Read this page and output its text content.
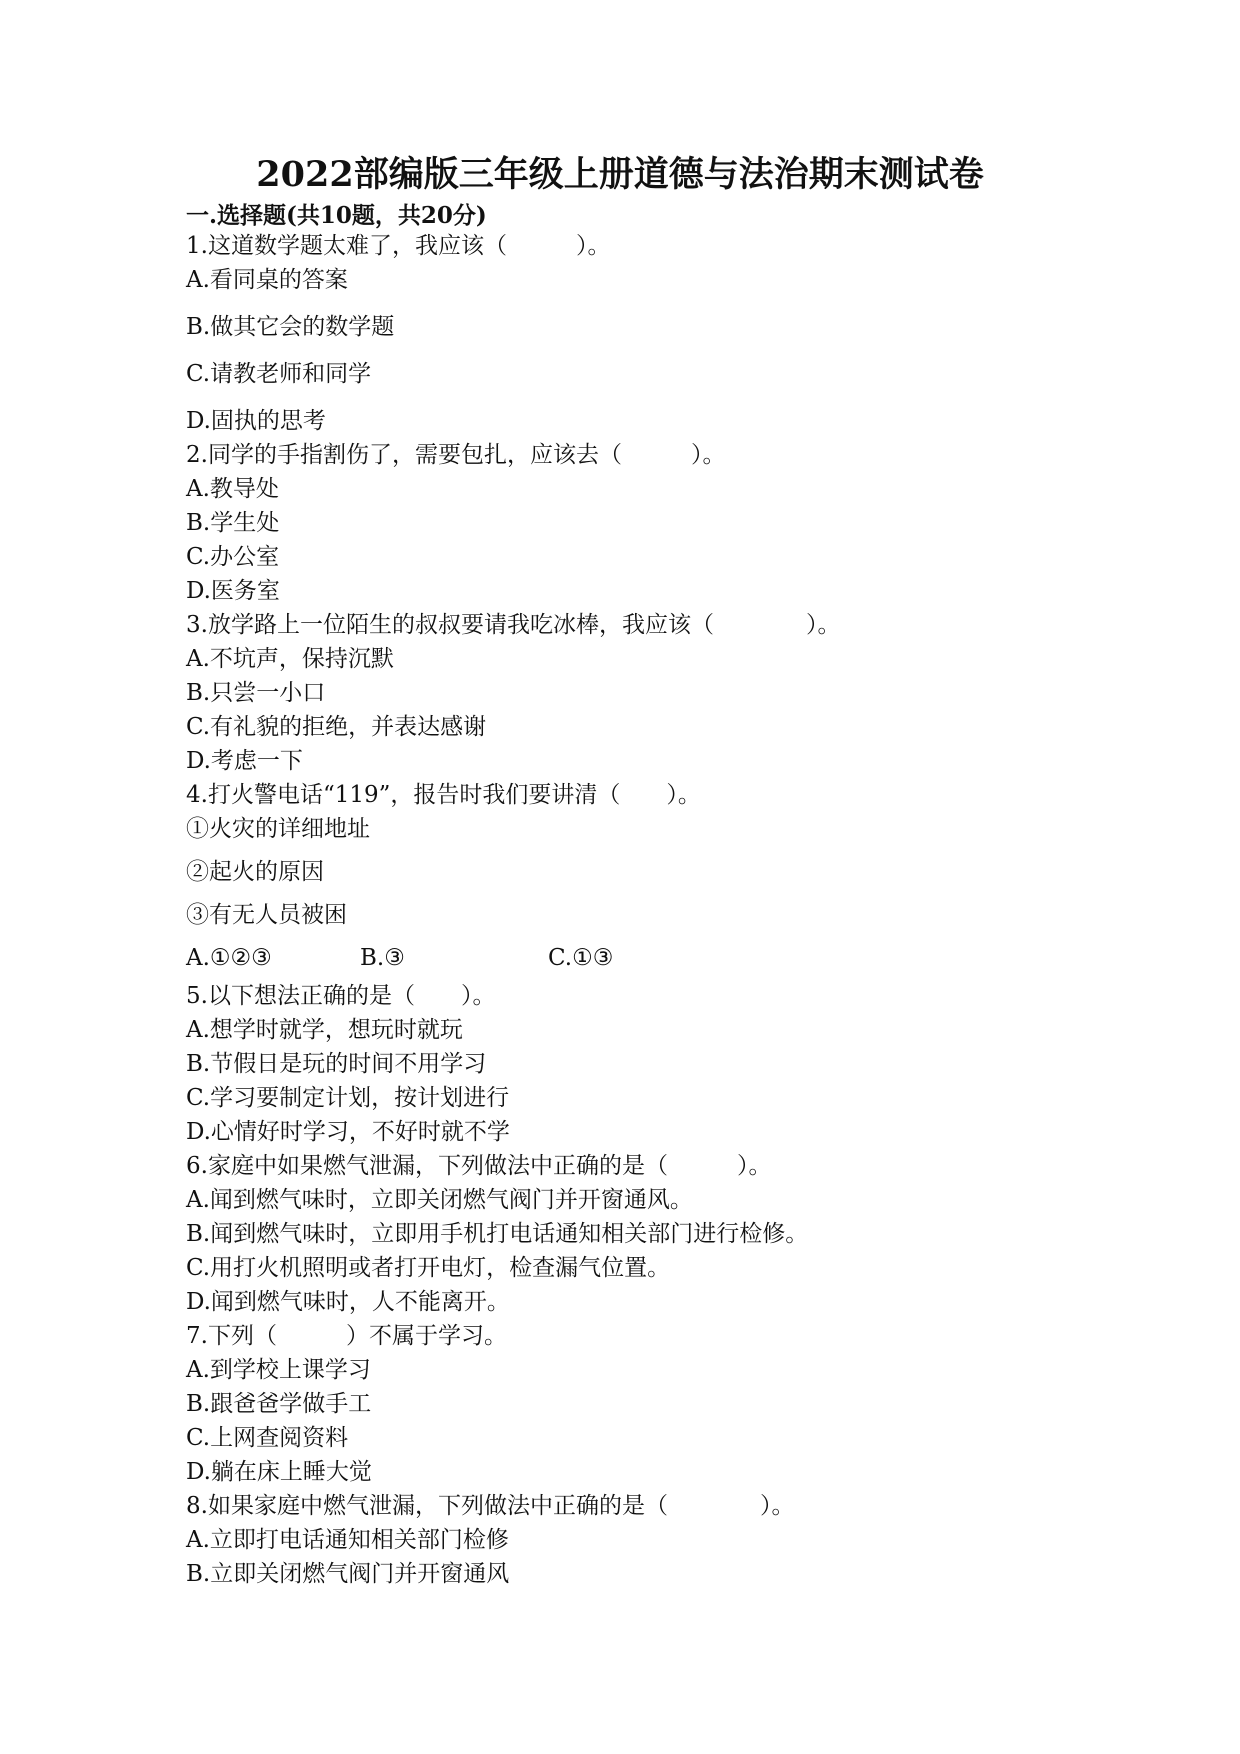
2022部编版三年级上册道德与法治期末测试卷
一.选择题(共10题，共20分)
1.这道数学题太难了，我应该（　　　）。
A.看同桌的答案
B.做其它会的数学题
C.请教老师和同学
D.固执的思考
2.同学的手指割伤了，需要包扎，应该去（　　　）。
A.教导处
B.学生处
C.办公室
D.医务室
3.放学路上一位陌生的叔叔要请我吃冰棒，我应该（　　　　）。
A.不坑声，保持沉默
B.只尝一小口
C.有礼貌的拒绝，并表达感谢
D.考虑一下
4.打火警电话“119”，报告时我们要讲清（　　）。
①火灾的详细地址
②起火的原因
③有无人员被困
A.①②③	B.③	C.①③
5.以下想法正确的是（　　）。
A.想学时就学，想玩时就玩
B.节假日是玩的时间不用学习
C.学习要制定计划，按计划进行
D.心情好时学习，不好时就不学
6.家庭中如果燃气泄漏，下列做法中正确的是（　　　）。
A.闻到燃气味时，立即关闭燃气阀门并开窗通风。
B.闻到燃气味时，立即用手机打电话通知相关部门进行检修。
C.用打火机照明或者打开电灯，检查漏气位置。
D.闻到燃气味时，人不能离开。
7.下列（　　　）不属于学习。
A.到学校上课学习
B.跟爸爸学做手工
C.上网查阅资料
D.躺在床上睡大觉
8.如果家庭中燃气泄漏，下列做法中正确的是（　　　　）。
A.立即打电话通知相关部门检修
B.立即关闭燃气阀门并开窗通风
